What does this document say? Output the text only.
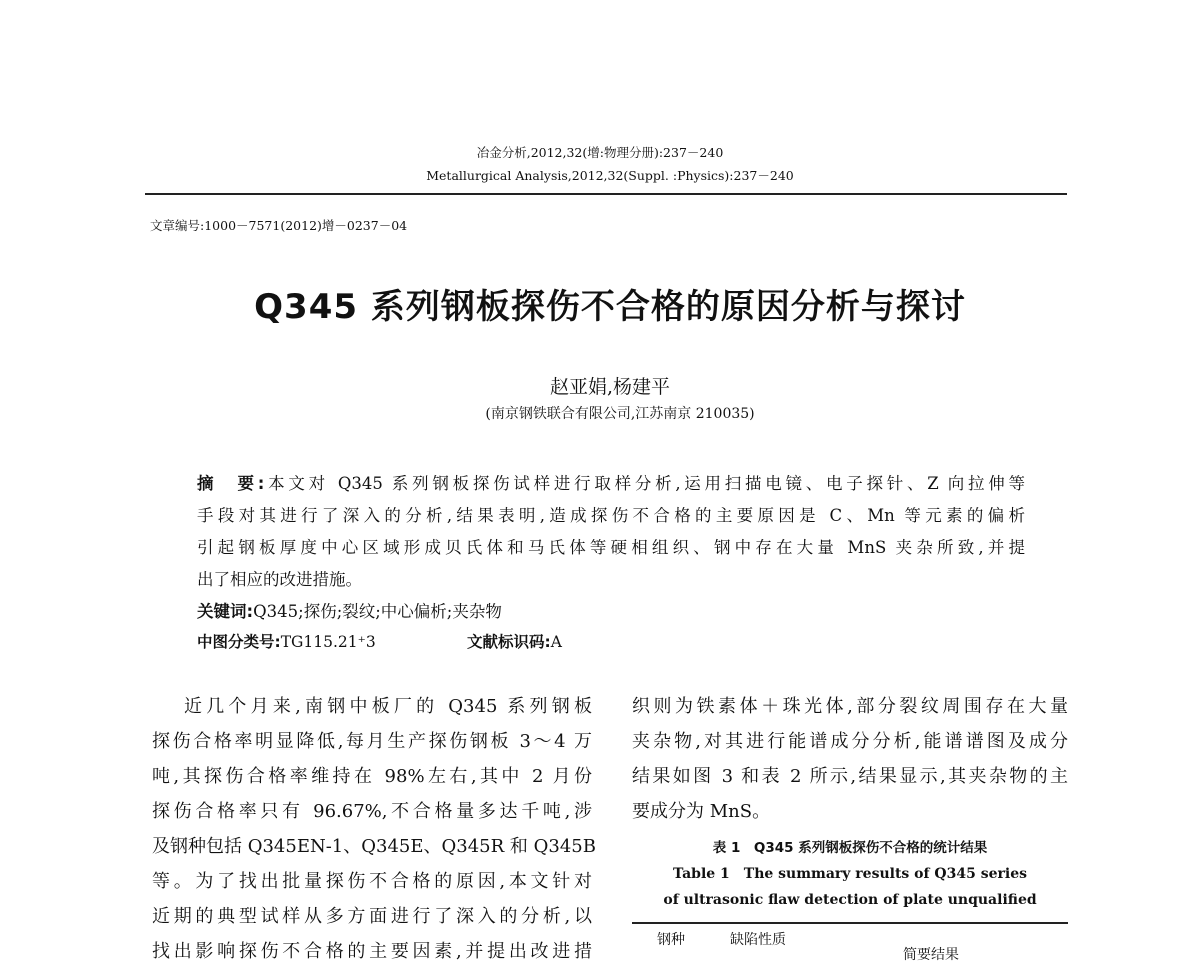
冶金分析,2012,32(增:物理分册):237－240
Metallurgical Analysis,2012,32(Suppl. :Physics):237－240
文章编号:1000－7571(2012)增－0237－04
Q345 系列钢板探伤不合格的原因分析与探讨
赵亚娟,杨建平
(南京钢铁联合有限公司,江苏南京 210035)
摘　要:本文对 Q345 系列钢板探伤试样进行取样分析,运用扫描电镜、电子探针、Z 向拉伸等
手段对其进行了深入的分析,结果表明,造成探伤不合格的主要原因是 C、Mn 等元素的偏析
引起钢板厚度中心区域形成贝氏体和马氏体等硬相组织、钢中存在大量 MnS 夹杂所致,并提
出了相应的改进措施。
关键词:Q345;探伤;裂纹;中心偏析;夹杂物
中图分类号:TG115.21⁺3	文献标识码:A
近几个月来,南钢中板厂的 Q345 系列钢板
探伤合格率明显降低,每月生产探伤钢板 3～4 万
吨,其探伤合格率维持在 98%左右,其中 2 月份
探伤合格率只有 96.67%,不合格量多达千吨,涉
及钢种包括 Q345EN-1、Q345E、Q345R 和 Q345B
等。为了找出批量探伤不合格的原因,本文针对
近期的典型试样从多方面进行了深入的分析,以
找出影响探伤不合格的主要因素,并提出改进措
织则为铁素体＋珠光体,部分裂纹周围存在大量
夹杂物,对其进行能谱成分分析,能谱谱图及成分
结果如图 3 和表 2 所示,结果显示,其夹杂物的主
要成分为 MnS。
表 1　Q345 系列钢板探伤不合格的统计结果
Table 1　The summary results of Q345 series
of ultrasonic flaw detection of plate unqualified
钢种	缺陷性质
简要结果
